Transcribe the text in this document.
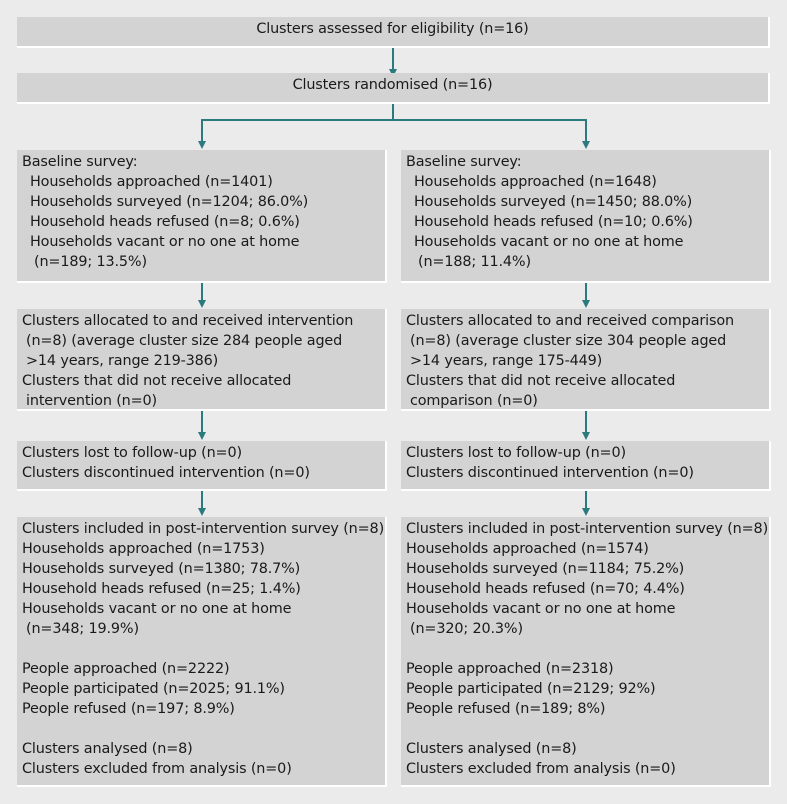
Clusters assessed for eligibility (n=16)
Clusters randomised (n=16)
Baseline survey:
Households approached (n=1401)
Households surveyed (n=1204; 86.0%)
Household heads refused (n=8; 0.6%)
Households vacant or no one at home
(n=189; 13.5%)
Baseline survey:
Households approached (n=1648)
Households surveyed (n=1450; 88.0%)
Household heads refused (n=10; 0.6%)
Households vacant or no one at home
(n=188; 11.4%)
Clusters allocated to and received intervention
(n=8) (average cluster size 284 people aged
>14 years, range 219-386)
Clusters that did not receive allocated
intervention (n=0)
Clusters allocated to and received comparison
(n=8) (average cluster size 304 people aged
>14 years, range 175-449)
Clusters that did not receive allocated
comparison (n=0)
Clusters lost to follow-up (n=0)
Clusters discontinued intervention (n=0)
Clusters lost to follow-up (n=0)
Clusters discontinued intervention (n=0)
Clusters included in post-intervention survey (n=8)
Households approached (n=1753)
Households surveyed (n=1380; 78.7%)
Household heads refused (n=25; 1.4%)
Households vacant or no one at home
(n=348; 19.9%)
People approached (n=2222)
People participated (n=2025; 91.1%)
People refused (n=197; 8.9%)
Clusters analysed (n=8)
Clusters excluded from analysis (n=0)
Clusters included in post-intervention survey (n=8)
Households approached (n=1574)
Households surveyed (n=1184; 75.2%)
Household heads refused (n=70; 4.4%)
Households vacant or no one at home
(n=320; 20.3%)
People approached (n=2318)
People participated (n=2129; 92%)
People refused (n=189; 8%)
Clusters analysed (n=8)
Clusters excluded from analysis (n=0)
